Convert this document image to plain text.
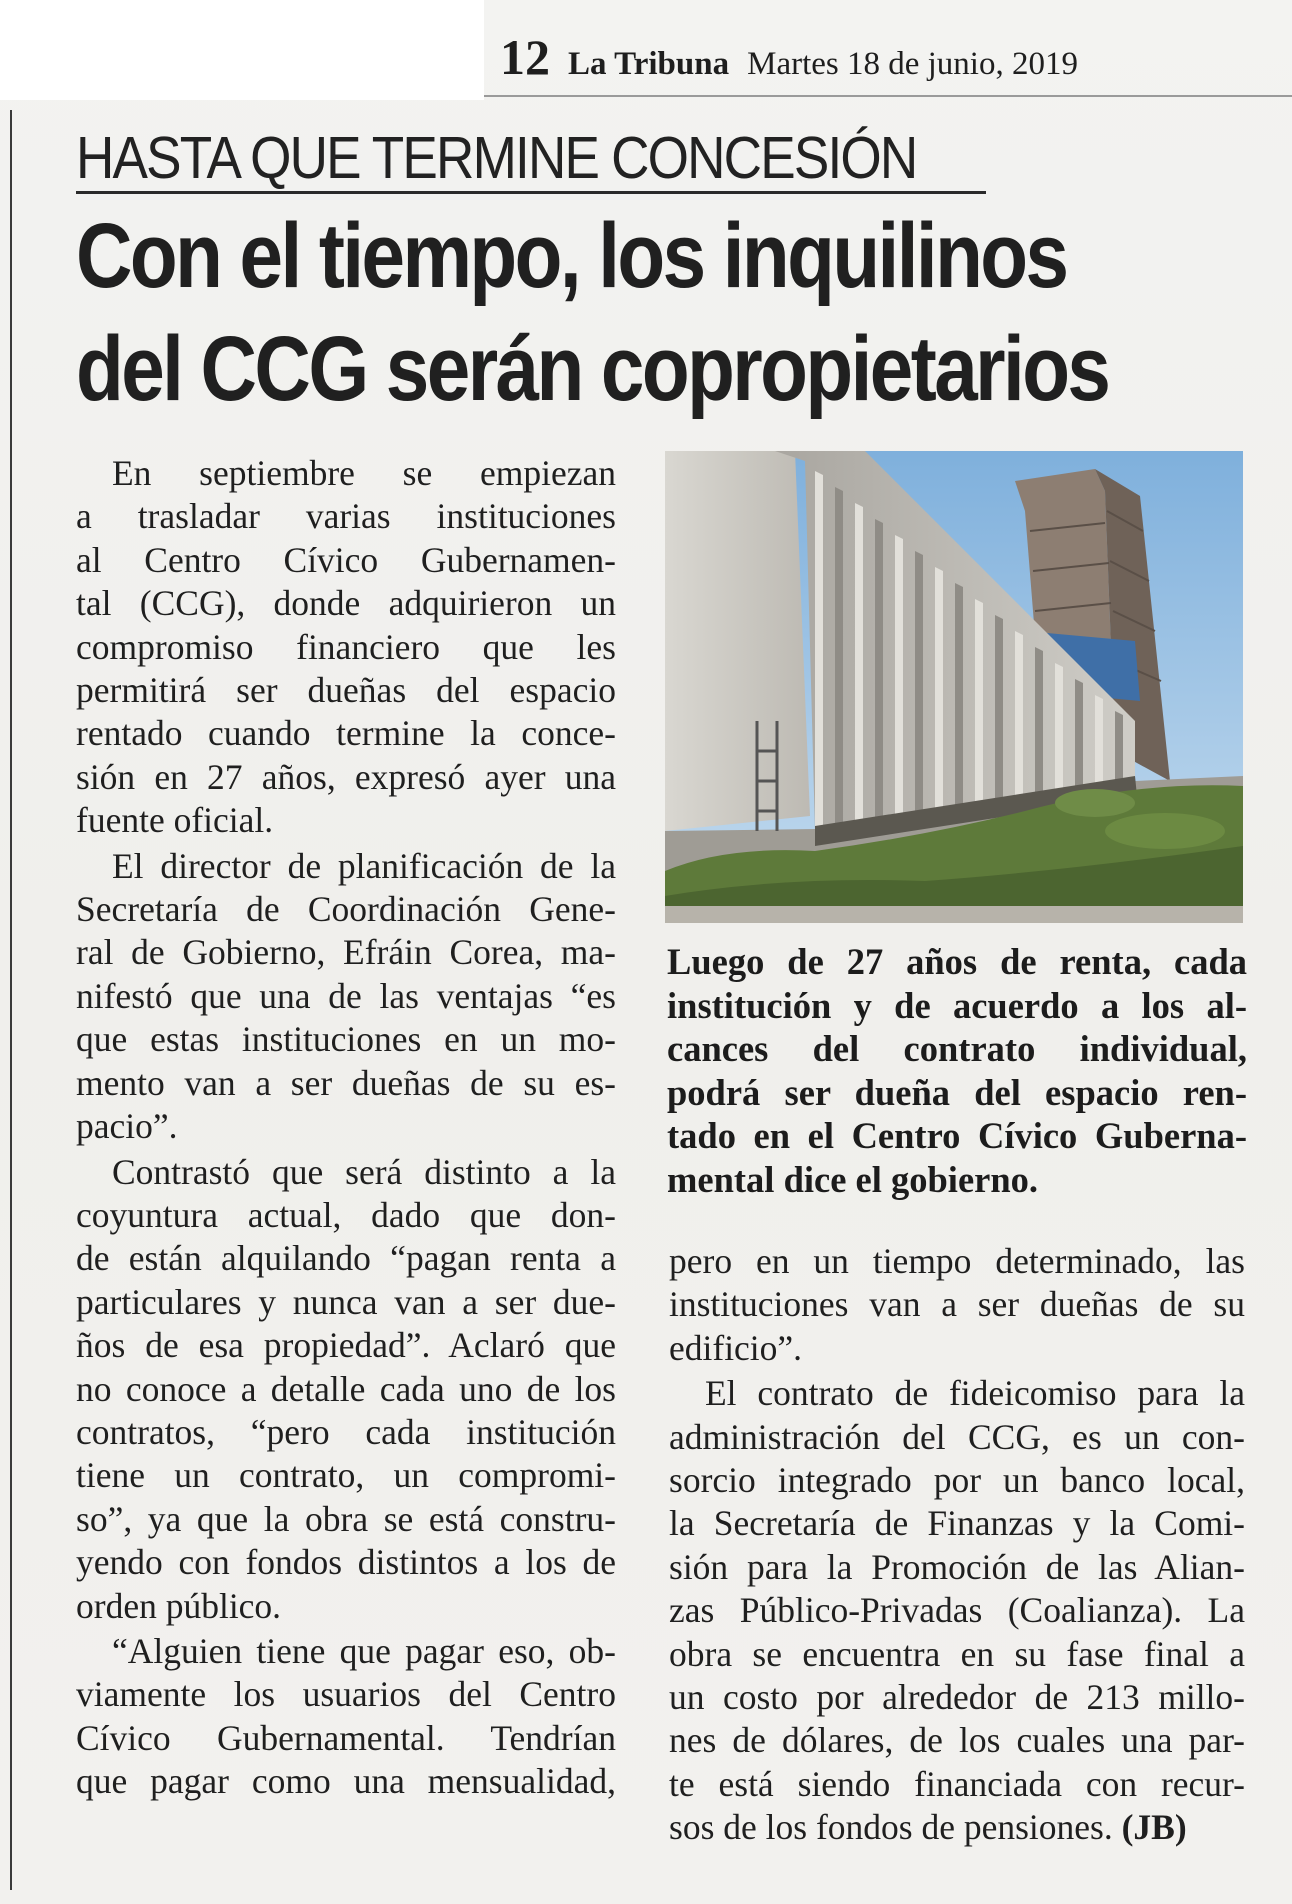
12 La Tribuna Martes 18 de junio, 2019
HASTA QUE TERMINE CONCESIÓN
Con el tiempo, los inquilinos
del CCG serán copropietarios

En septiembre se empiezan
a trasladar varias instituciones
al Centro Cívico Gubernamen-
tal (CCG), donde adquirieron un
compromiso financiero que les
permitirá ser dueñas del espacio
rentado cuando termine la conce-
sión en 27 años, expresó ayer una
fuente oficial.

El director de planificación de la
Secretaría de Coordinación Gene-
ral de Gobierno, Efráin Corea, ma-
nifestó que una de las ventajas “es
que estas instituciones en un mo-
mento van a ser dueñas de su es-
pacio”.

Contrastó que será distinto a la
coyuntura actual, dado que don-
de están alquilando “pagan renta a
particulares y nunca van a ser due-
ños de esa propiedad”. Aclaró que
no conoce a detalle cada uno de los
contratos, “pero cada institución
tiene un contrato, un compromi-
so”, ya que la obra se está constru-
yendo con fondos distintos a los de
orden público.

“Alguien tiene que pagar eso, ob-
viamente los usuarios del Centro
Cívico Gubernamental. Tendrían
que pagar como una mensualidad,

Luego de 27 años de renta, cada
institución y de acuerdo a los al-
cances del contrato individual,
podrá ser dueña del espacio ren-
tado en el Centro Cívico Guberna-
mental dice el gobierno.

pero en un tiempo determinado, las
instituciones van a ser dueñas de su
edificio”.

El contrato de fideicomiso para la
administración del CCG, es un con-
sorcio integrado por un banco local,
la Secretaría de Finanzas y la Comi-
sión para la Promoción de las Alian-
zas Público-Privadas (Coalianza). La
obra se encuentra en su fase final a
un costo por alrededor de 213 millo-
nes de dólares, de los cuales una par-
te está siendo financiada con recur-
sos de los fondos de pensiones. (JB)
